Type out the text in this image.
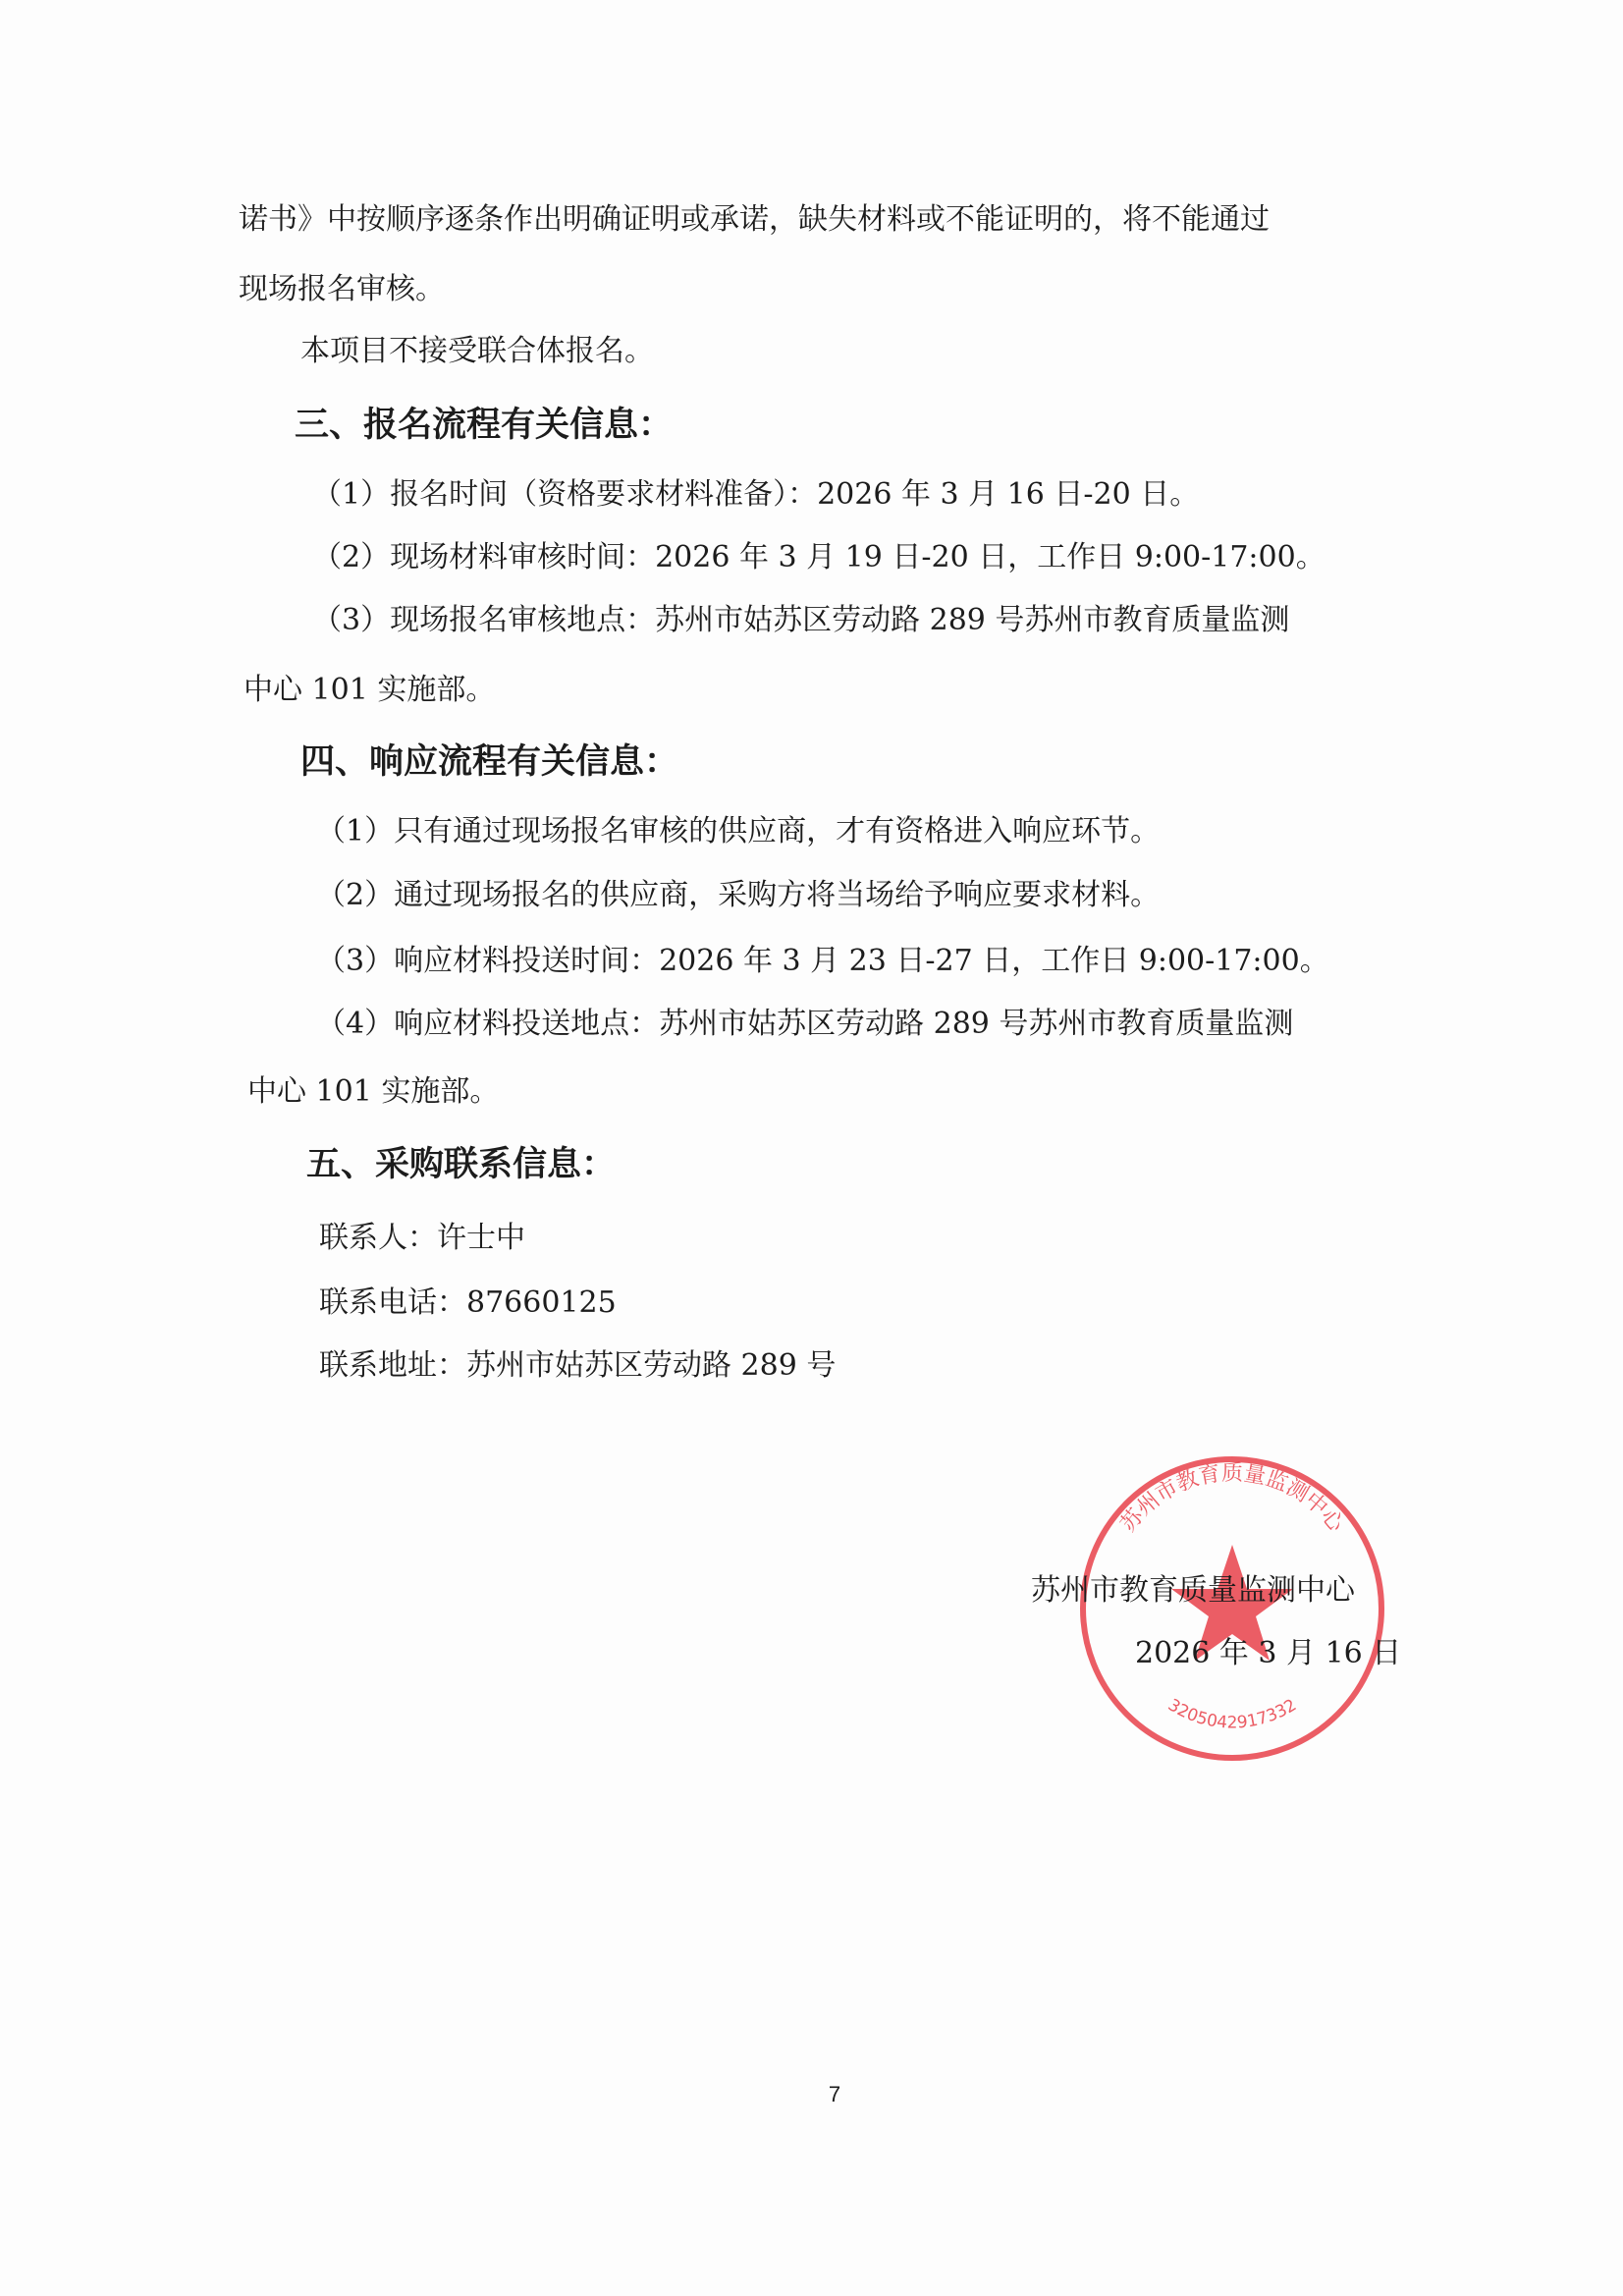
诺书》中按顺序逐条作出明确证明或承诺，缺失材料或不能证明的，将不能通过
现场报名审核。
本项目不接受联合体报名。
三、报名流程有关信息：
（1）报名时间（资格要求材料准备）：2026 年 3 月 16 日-20 日。
（2）现场材料审核时间：2026 年 3 月 19 日-20 日，工作日 9:00-17:00。
（3）现场报名审核地点：苏州市姑苏区劳动路 289 号苏州市教育质量监测
中心 101 实施部。
四、响应流程有关信息：
（1）只有通过现场报名审核的供应商，才有资格进入响应环节。
（2）通过现场报名的供应商，采购方将当场给予响应要求材料。
（3）响应材料投送时间：2026 年 3 月 23 日-27 日，工作日 9:00-17:00。
（4）响应材料投送地点：苏州市姑苏区劳动路 289 号苏州市教育质量监测
中心 101 实施部。
五、采购联系信息：
联系人：许士中
联系电话：87660125
联系地址：苏州市姑苏区劳动路 289 号
苏州市教育质量监测中心
3205042917332
苏州市教育质量监测中心
2026 年 3 月 16 日
7
